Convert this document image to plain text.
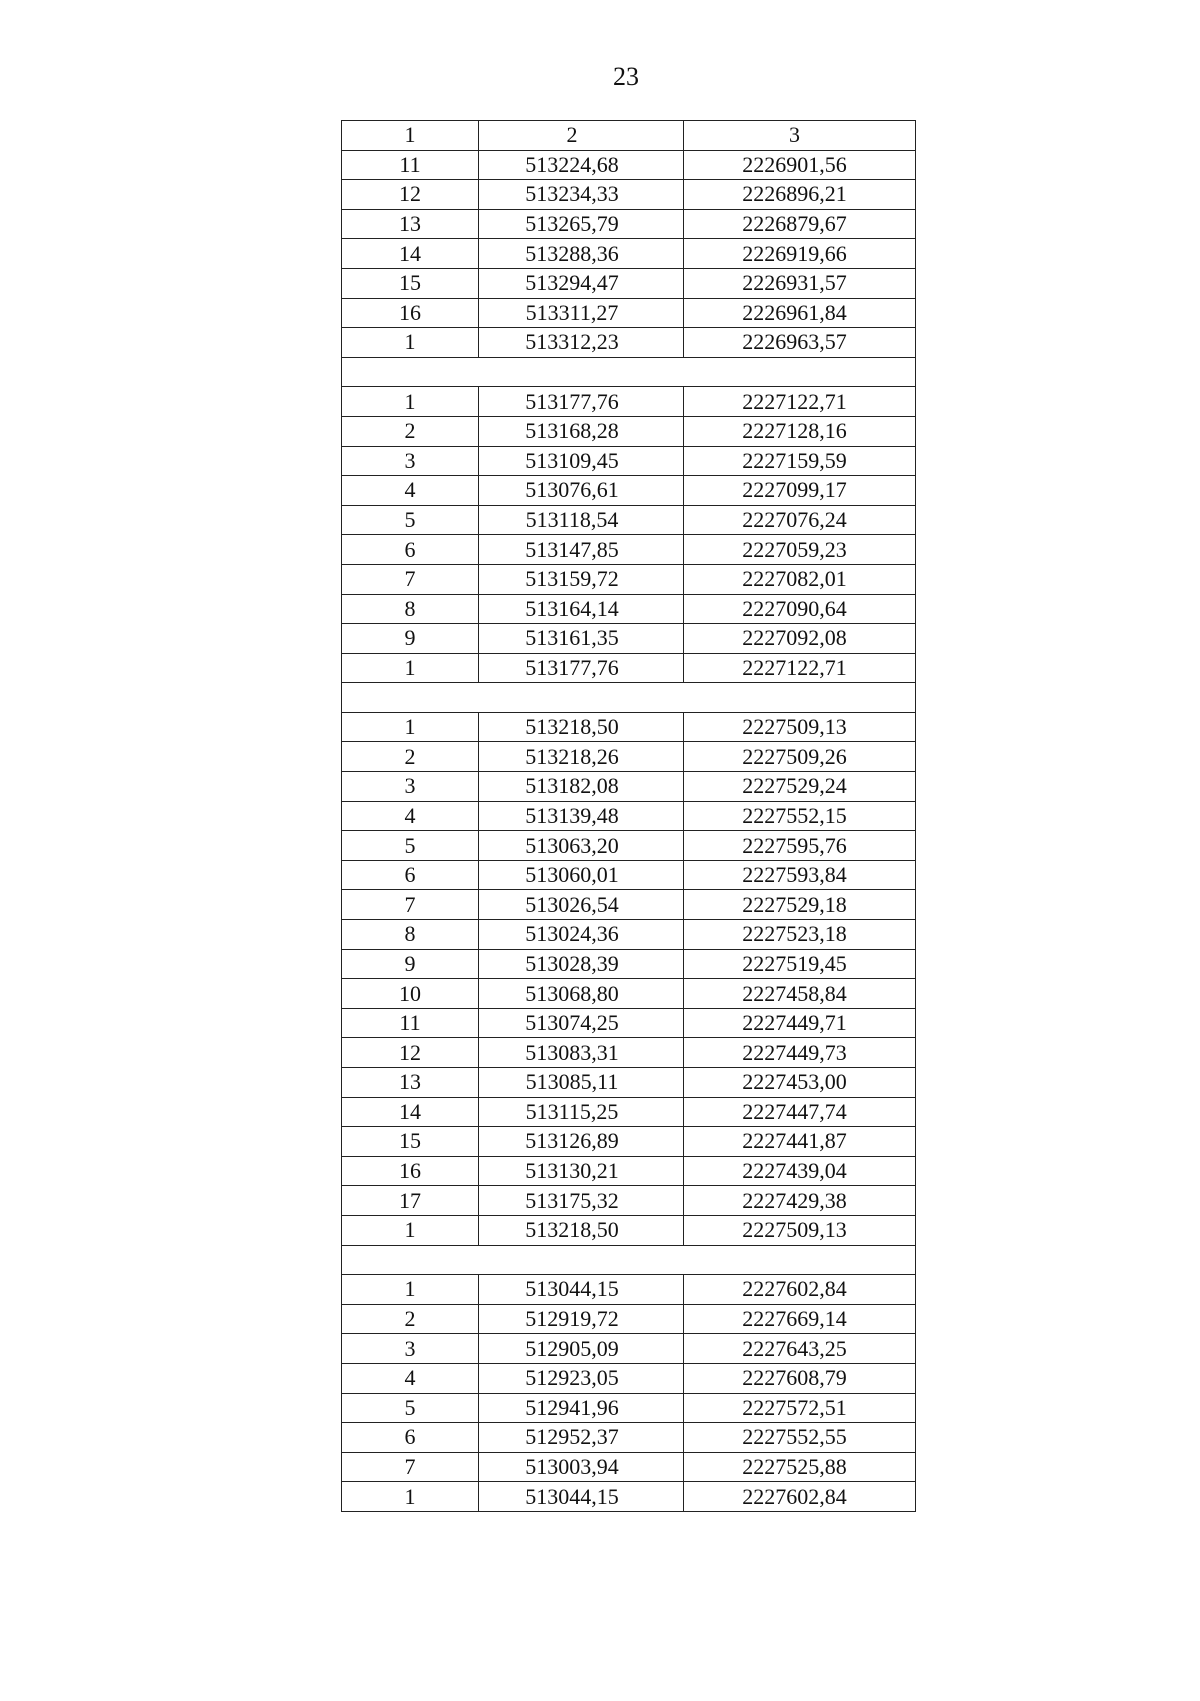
23
1	2	3
11	513224,68	2226901,56
12	513234,33	2226896,21
13	513265,79	2226879,67
14	513288,36	2226919,66
15	513294,47	2226931,57
16	513311,27	2226961,84
1	513312,23	2226963,57

1	513177,76	2227122,71
2	513168,28	2227128,16
3	513109,45	2227159,59
4	513076,61	2227099,17
5	513118,54	2227076,24
6	513147,85	2227059,23
7	513159,72	2227082,01
8	513164,14	2227090,64
9	513161,35	2227092,08
1	513177,76	2227122,71

1	513218,50	2227509,13
2	513218,26	2227509,26
3	513182,08	2227529,24
4	513139,48	2227552,15
5	513063,20	2227595,76
6	513060,01	2227593,84
7	513026,54	2227529,18
8	513024,36	2227523,18
9	513028,39	2227519,45
10	513068,80	2227458,84
11	513074,25	2227449,71
12	513083,31	2227449,73
13	513085,11	2227453,00
14	513115,25	2227447,74
15	513126,89	2227441,87
16	513130,21	2227439,04
17	513175,32	2227429,38
1	513218,50	2227509,13

1	513044,15	2227602,84
2	512919,72	2227669,14
3	512905,09	2227643,25
4	512923,05	2227608,79
5	512941,96	2227572,51
6	512952,37	2227552,55
7	513003,94	2227525,88
1	513044,15	2227602,84
